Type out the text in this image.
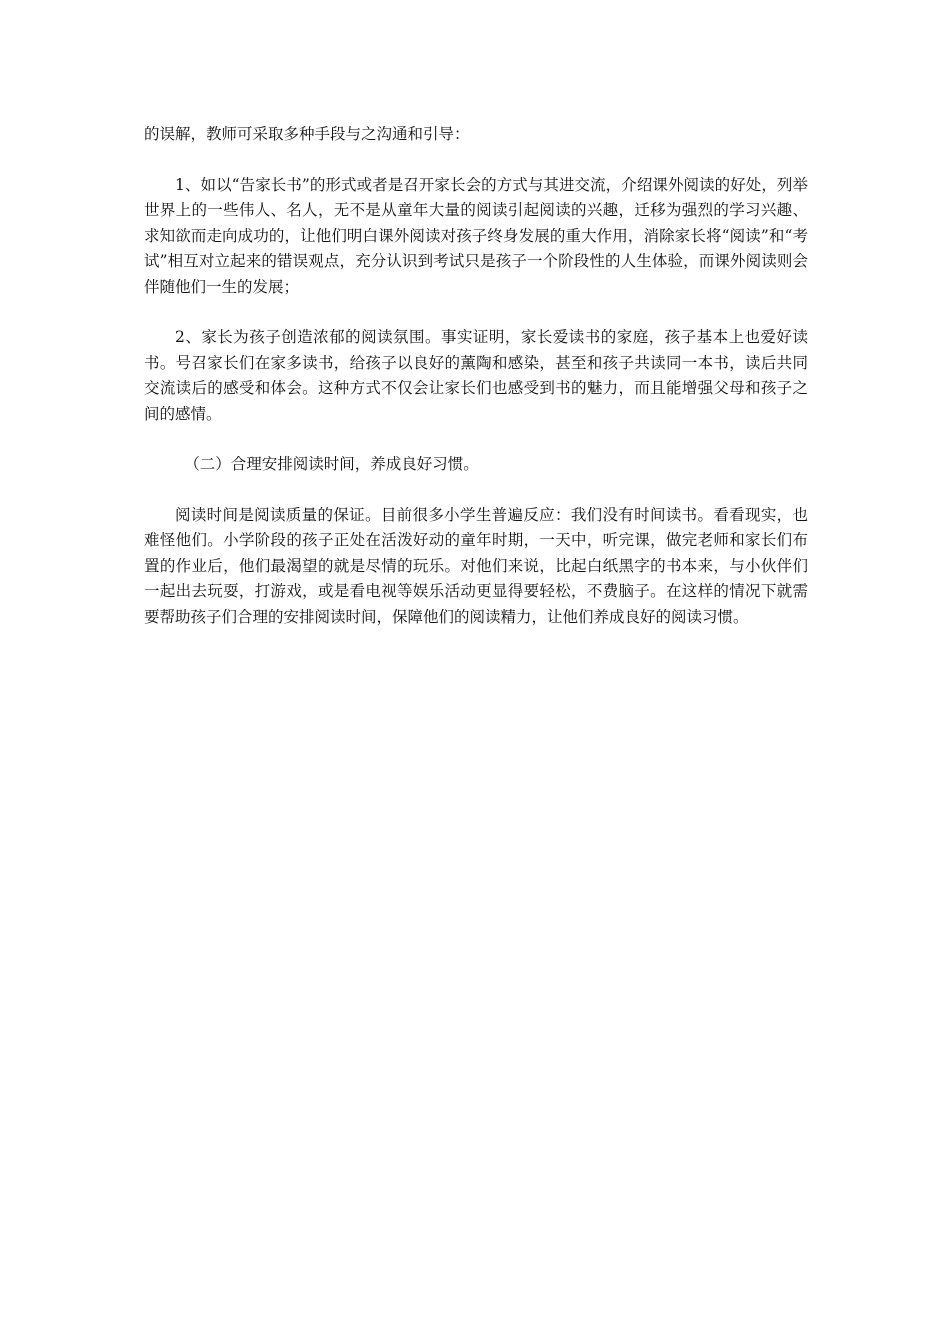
的误解，教师可采取多种手段与之沟通和引导：

1、如以“告家长书”的形式或者是召开家长会的方式与其进交流，介绍课外阅读的好处，列举世界上的一些伟人、名人，无不是从童年大量的阅读引起阅读的兴趣，迁移为强烈的学习兴趣、求知欲而走向成功的，让他们明白课外阅读对孩子终身发展的重大作用，消除家长将“阅读”和“考试”相互对立起来的错误观点，充分认识到考试只是孩子一个阶段性的人生体验，而课外阅读则会伴随他们一生的发展；

2、家长为孩子创造浓郁的阅读氛围。事实证明，家长爱读书的家庭，孩子基本上也爱好读书。号召家长们在家多读书，给孩子以良好的薰陶和感染，甚至和孩子共读同一本书，读后共同交流读后的感受和体会。这种方式不仅会让家长们也感受到书的魅力，而且能增强父母和孩子之间的感情。

（二）合理安排阅读时间，养成良好习惯。

阅读时间是阅读质量的保证。目前很多小学生普遍反应：我们没有时间读书。看看现实，也难怪他们。小学阶段的孩子正处在活泼好动的童年时期，一天中，听完课，做完老师和家长们布置的作业后，他们最渴望的就是尽情的玩乐。对他们来说，比起白纸黑字的书本来，与小伙伴们一起出去玩耍，打游戏，或是看电视等娱乐活动更显得要轻松，不费脑子。在这样的情况下就需要帮助孩子们合理的安排阅读时间，保障他们的阅读精力，让他们养成良好的阅读习惯。
